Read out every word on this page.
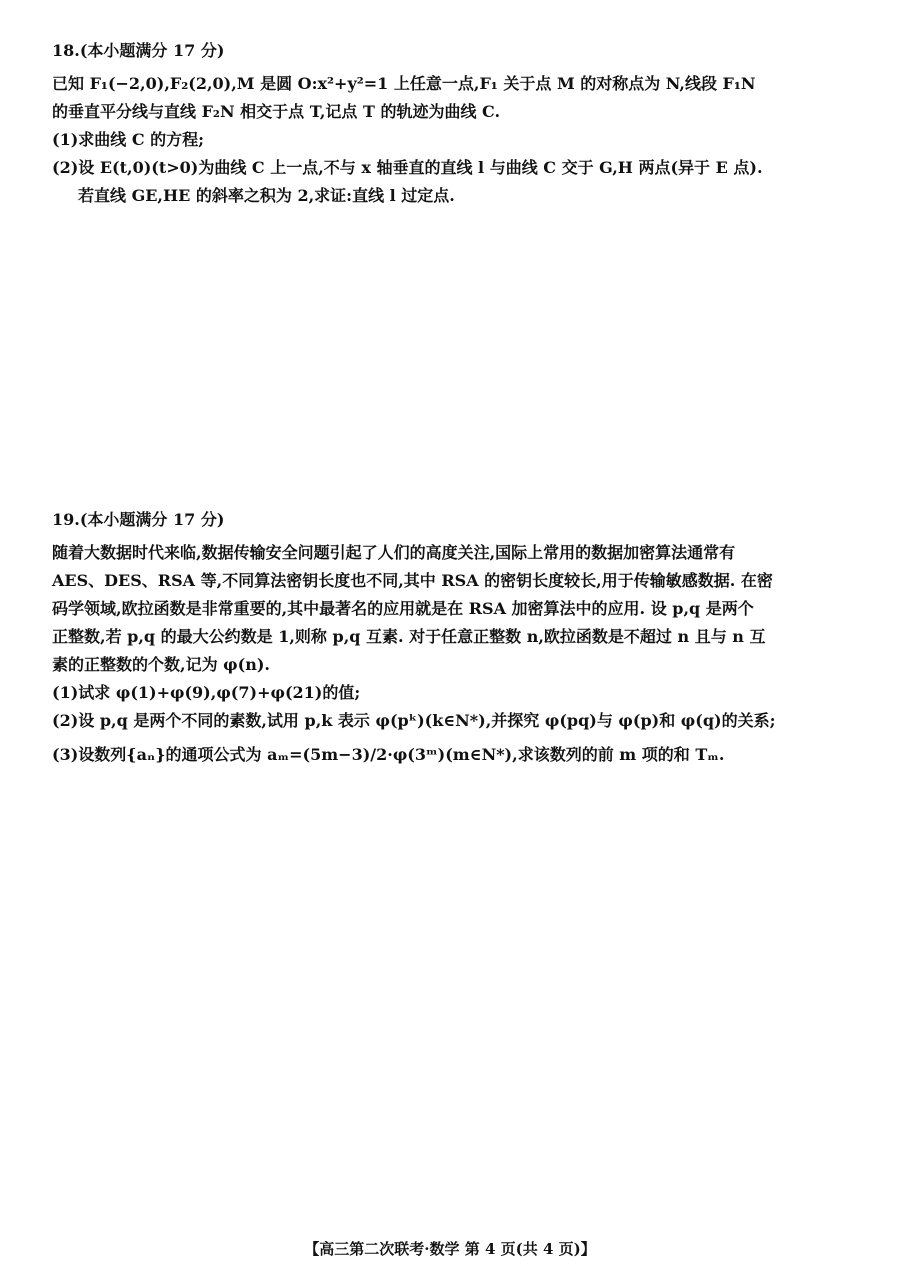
18.(本小题满分 17 分)
已知 F₁(−2,0),F₂(2,0),M 是圆 O:x²+y²=1 上任意一点,F₁ 关于点 M 的对称点为 N,线段 F₁N
的垂直平分线与直线 F₂N 相交于点 T,记点 T 的轨迹为曲线 C.
(1)求曲线 C 的方程;
(2)设 E(t,0)(t>0)为曲线 C 上一点,不与 x 轴垂直的直线 l 与曲线 C 交于 G,H 两点(异于 E 点).
若直线 GE,HE 的斜率之积为 2,求证:直线 l 过定点.
19.(本小题满分 17 分)
随着大数据时代来临,数据传输安全问题引起了人们的高度关注,国际上常用的数据加密算法通常有
AES、DES、RSA 等,不同算法密钥长度也不同,其中 RSA 的密钥长度较长,用于传输敏感数据. 在密
码学领域,欧拉函数是非常重要的,其中最著名的应用就是在 RSA 加密算法中的应用. 设 p,q 是两个
正整数,若 p,q 的最大公约数是 1,则称 p,q 互素. 对于任意正整数 n,欧拉函数是不超过 n 且与 n 互
素的正整数的个数,记为 φ(n).
(1)试求 φ(1)+φ(9),φ(7)+φ(21)的值;
(2)设 p,q 是两个不同的素数,试用 p,k 表示 φ(pᵏ)(k∈N*),并探究 φ(pq)与 φ(p)和 φ(q)的关系;
(3)设数列{aₙ}的通项公式为 aₘ=(5m−3)/2·φ(3ᵐ)(m∈N*),求该数列的前 m 项的和 Tₘ.
【高三第二次联考·数学 第 4 页(共 4 页)】
